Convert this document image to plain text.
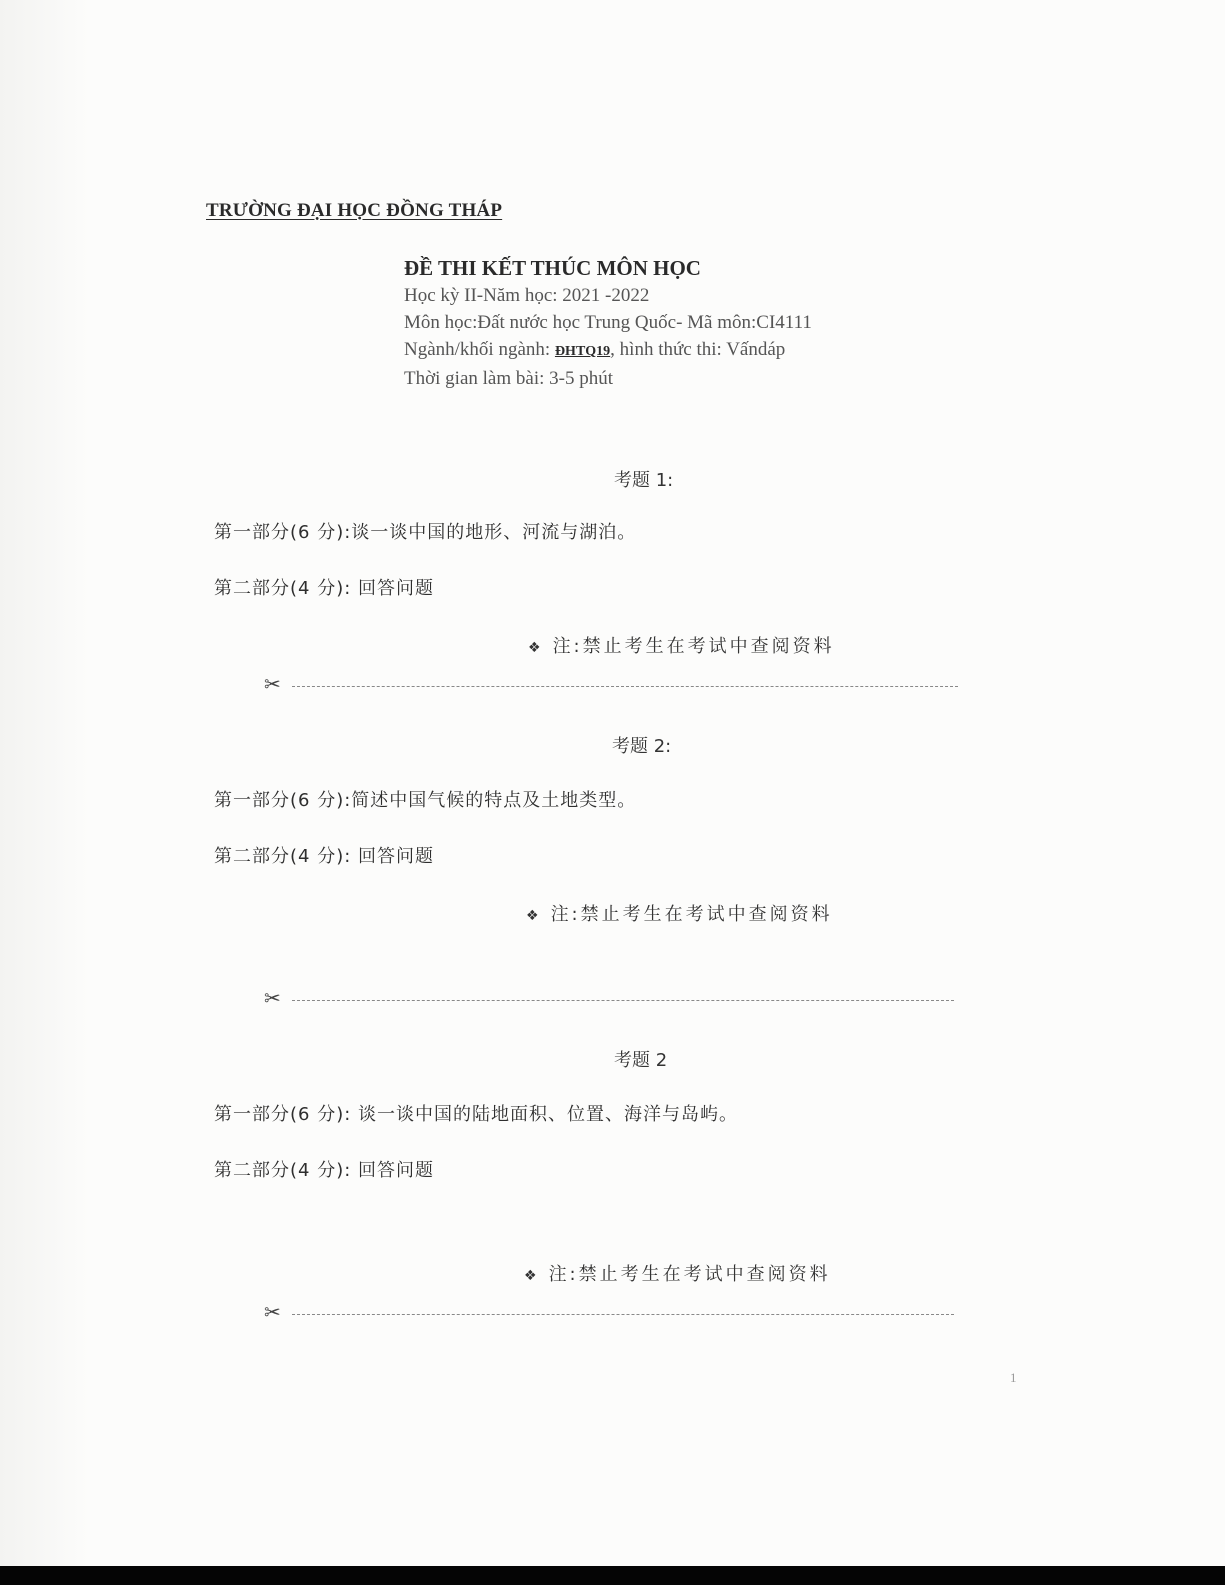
TRƯỜNG ĐẠI HỌC ĐỒNG THÁP
ĐỀ THI KẾT THÚC MÔN HỌC
Học kỳ II-Năm học: 2021 -2022
Môn học:Đất nước học Trung Quốc- Mã môn:CI4111
Ngành/khối ngành: ĐHTQ19, hình thức thi: Vấndáp
Thời gian làm bài: 3-5 phút
考题 1:
第一部分(6 分):谈一谈中国的地形、河流与湖泊。
第二部分(4 分): 回答问题
❖ 注:禁止考生在考试中查阅资料
✂
考题 2:
第一部分(6 分):简述中国气候的特点及土地类型。
第二部分(4 分): 回答问题
❖ 注:禁止考生在考试中查阅资料
✂
考题 2
第一部分(6 分): 谈一谈中国的陆地面积、位置、海洋与岛屿。
第二部分(4 分): 回答问题
❖ 注:禁止考生在考试中查阅资料
✂
1
